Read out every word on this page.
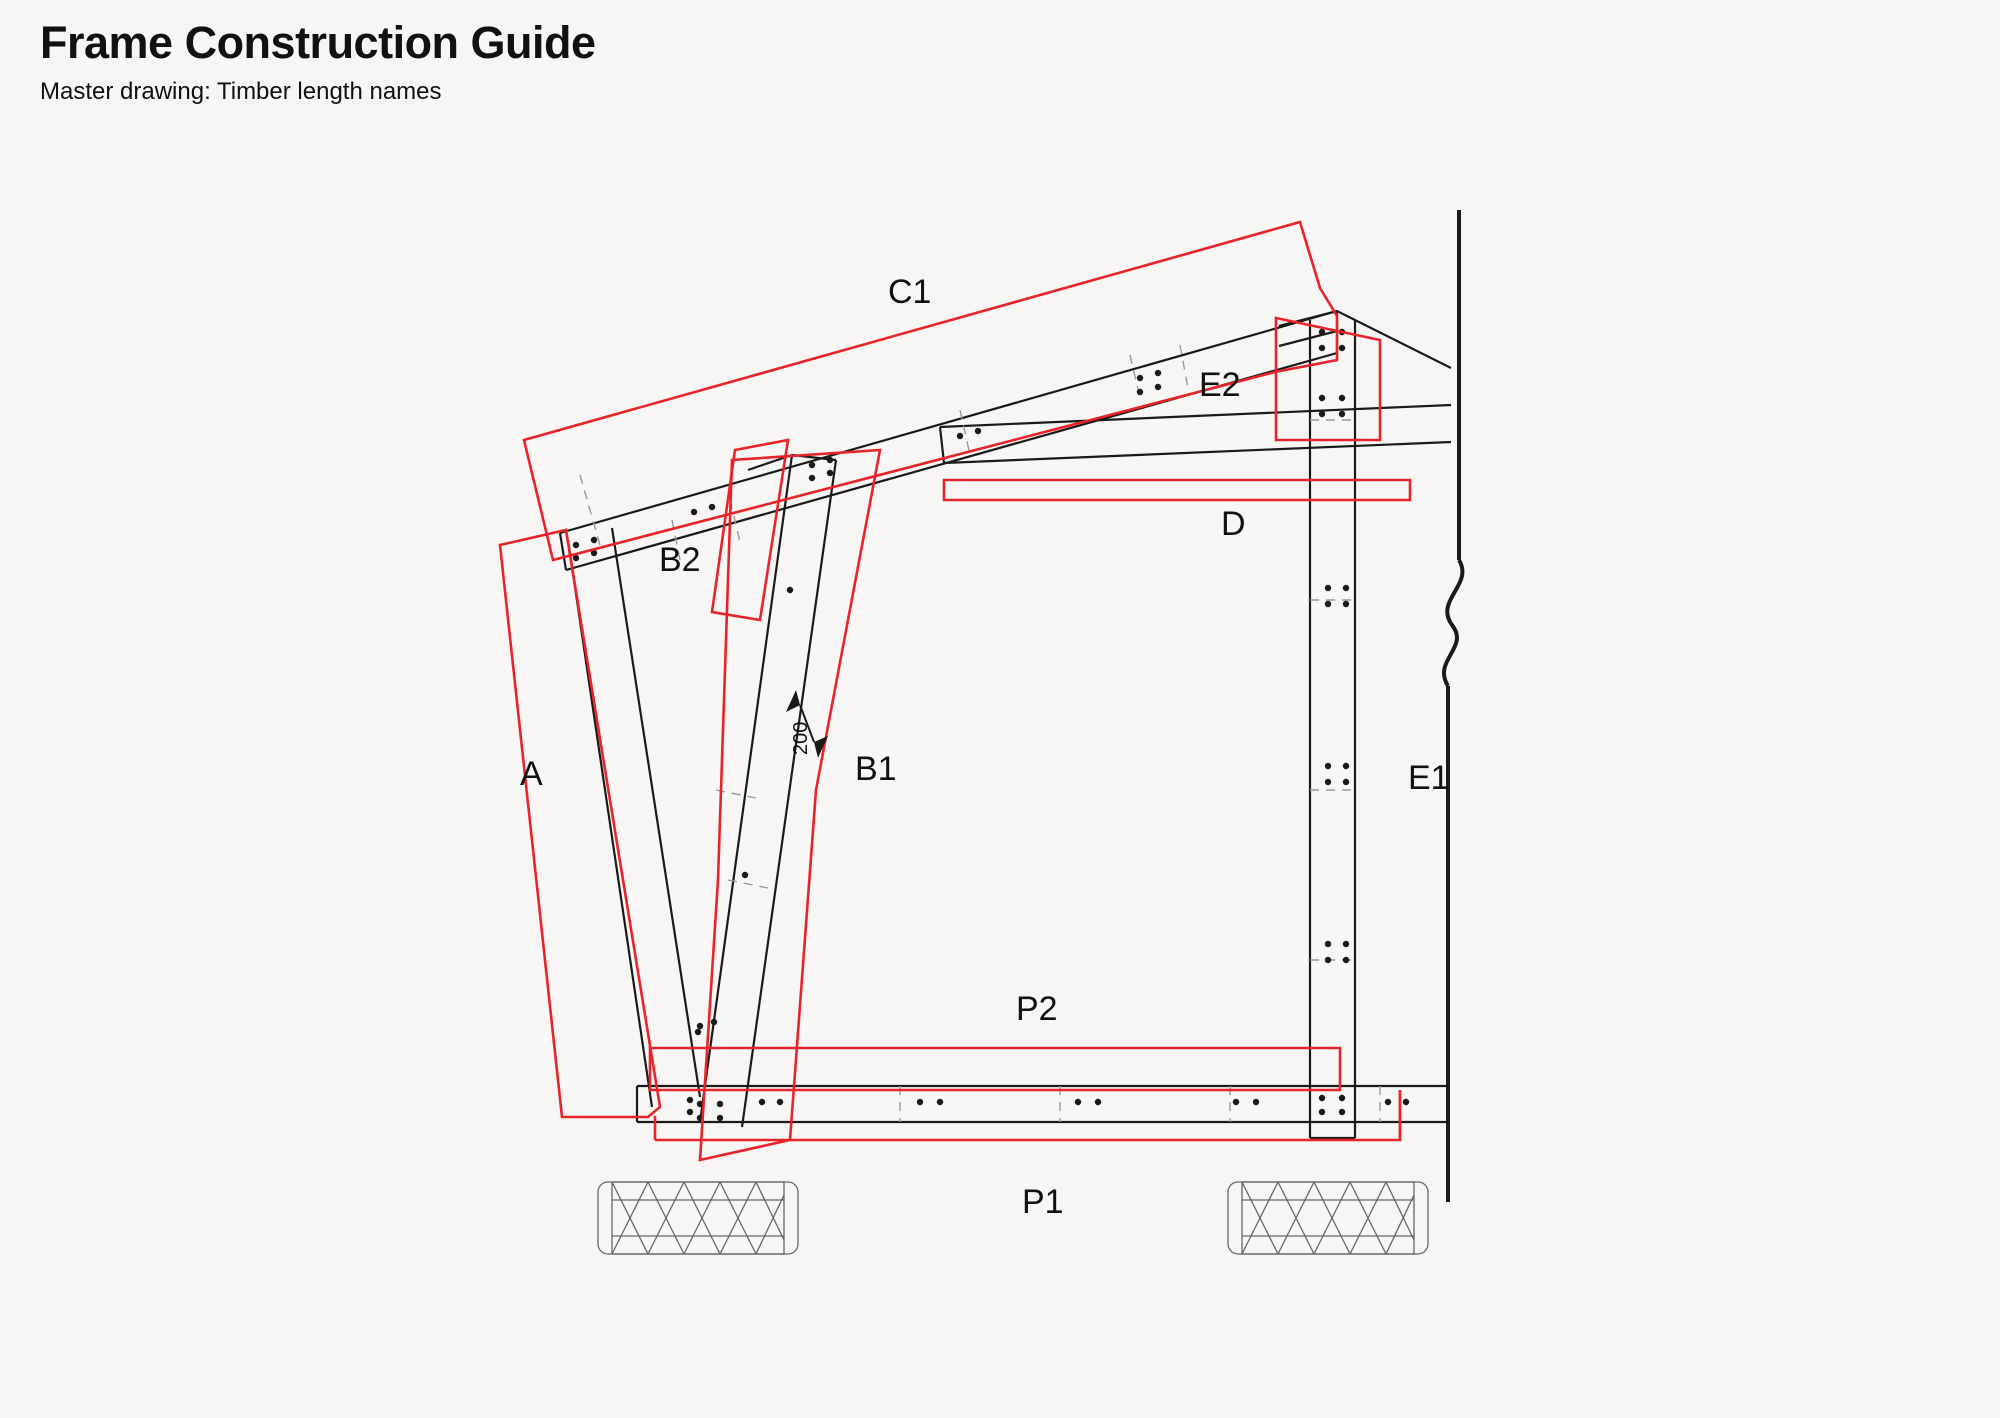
Frame Construction Guide

Master drawing: Timber length names

C1
E2
D
B2
A	B1	E1
P2
P1
200
